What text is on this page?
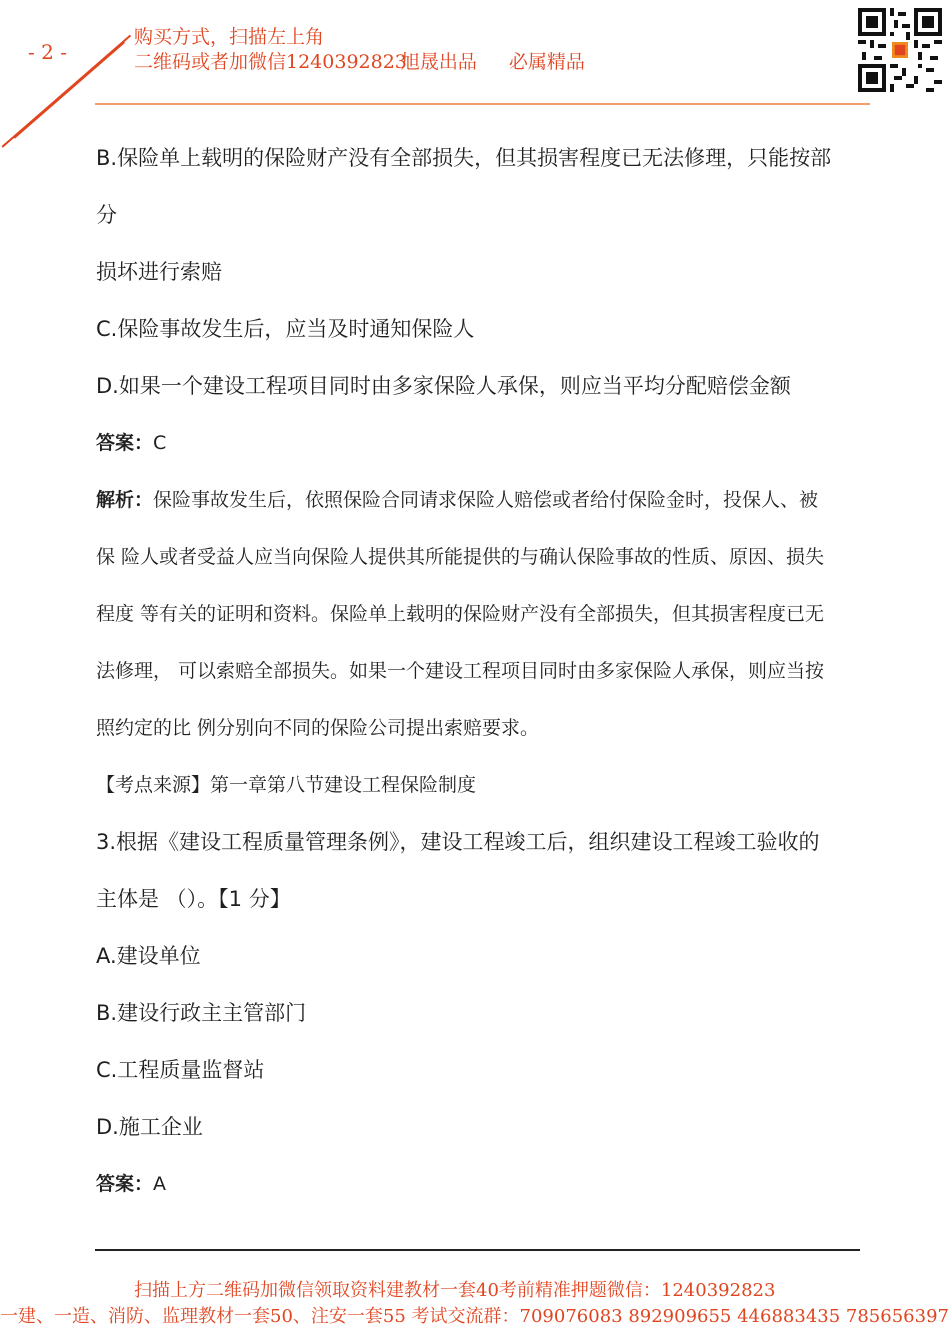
- 2 -
购买方式，扫描左上角
二维码或者加微信1240392823旭晟出品 必属精品
B.保险单上载明的保险财产没有全部损失，但其损害程度已无法修理，只能按部
分
损坏进行索赔
C.保险事故发生后，应当及时通知保险人
D.如果一个建设工程项目同时由多家保险人承保，则应当平均分配赔偿金额
答案：C
解析：保险事故发生后，依照保险合同请求保险人赔偿或者给付保险金时，投保人、被
保 险人或者受益人应当向保险人提供其所能提供的与确认保险事故的性质、原因、损失
程度 等有关的证明和资料。保险单上载明的保险财产没有全部损失，但其损害程度已无
法修理， 可以索赔全部损失。如果一个建设工程项目同时由多家保险人承保，则应当按
照约定的比 例分别向不同的保险公司提出索赔要求。
【考点来源】第一章第八节建设工程保险制度
3.根据《建设工程质量管理条例》，建设工程竣工后，组织建设工程竣工验收的
主体是 （）。【1 分】
A.建设单位
B.建设行政主主管部门
C.工程质量监督站
D.施工企业
答案：A
扫描上方二维码加微信领取资料建教材一套40考前精准押题微信：1240392823
一建、一造、消防、监理教材一套50、注安一套55 考试交流群：709076083 892909655 446883435 785656397
